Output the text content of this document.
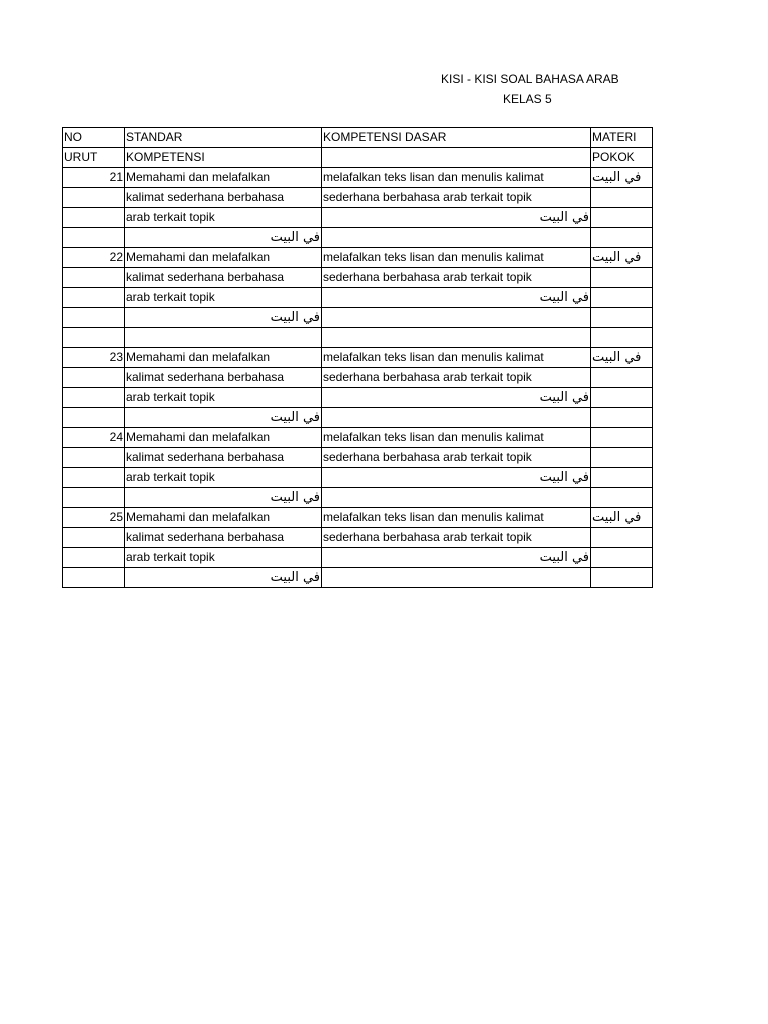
KISI - KISI SOAL BAHASA ARAB
KELAS 5
NO	STANDAR	KOMPETENSI DASAR	MATERI
URUT	KOMPETENSI		POKOK
21	Memahami dan melafalkan	melafalkan teks lisan dan menulis kalimat	في البيت
	kalimat sederhana berbahasa	sederhana berbahasa arab terkait topik	
	arab terkait topik	في البيت	
	في البيت		
22	Memahami dan melafalkan	melafalkan teks lisan dan menulis kalimat	في البيت
	kalimat sederhana berbahasa	sederhana berbahasa arab terkait topik	
	arab terkait topik	في البيت	
	في البيت		

23	Memahami dan melafalkan	melafalkan teks lisan dan menulis kalimat	في البيت
	kalimat sederhana berbahasa	sederhana berbahasa arab terkait topik	
	arab terkait topik	في البيت	
	في البيت		
24	Memahami dan melafalkan	melafalkan teks lisan dan menulis kalimat	
	kalimat sederhana berbahasa	sederhana berbahasa arab terkait topik	
	arab terkait topik	في البيت	
	في البيت		
25	Memahami dan melafalkan	melafalkan teks lisan dan menulis kalimat	في البيت
	kalimat sederhana berbahasa	sederhana berbahasa arab terkait topik	
	arab terkait topik	في البيت	
	في البيت		
